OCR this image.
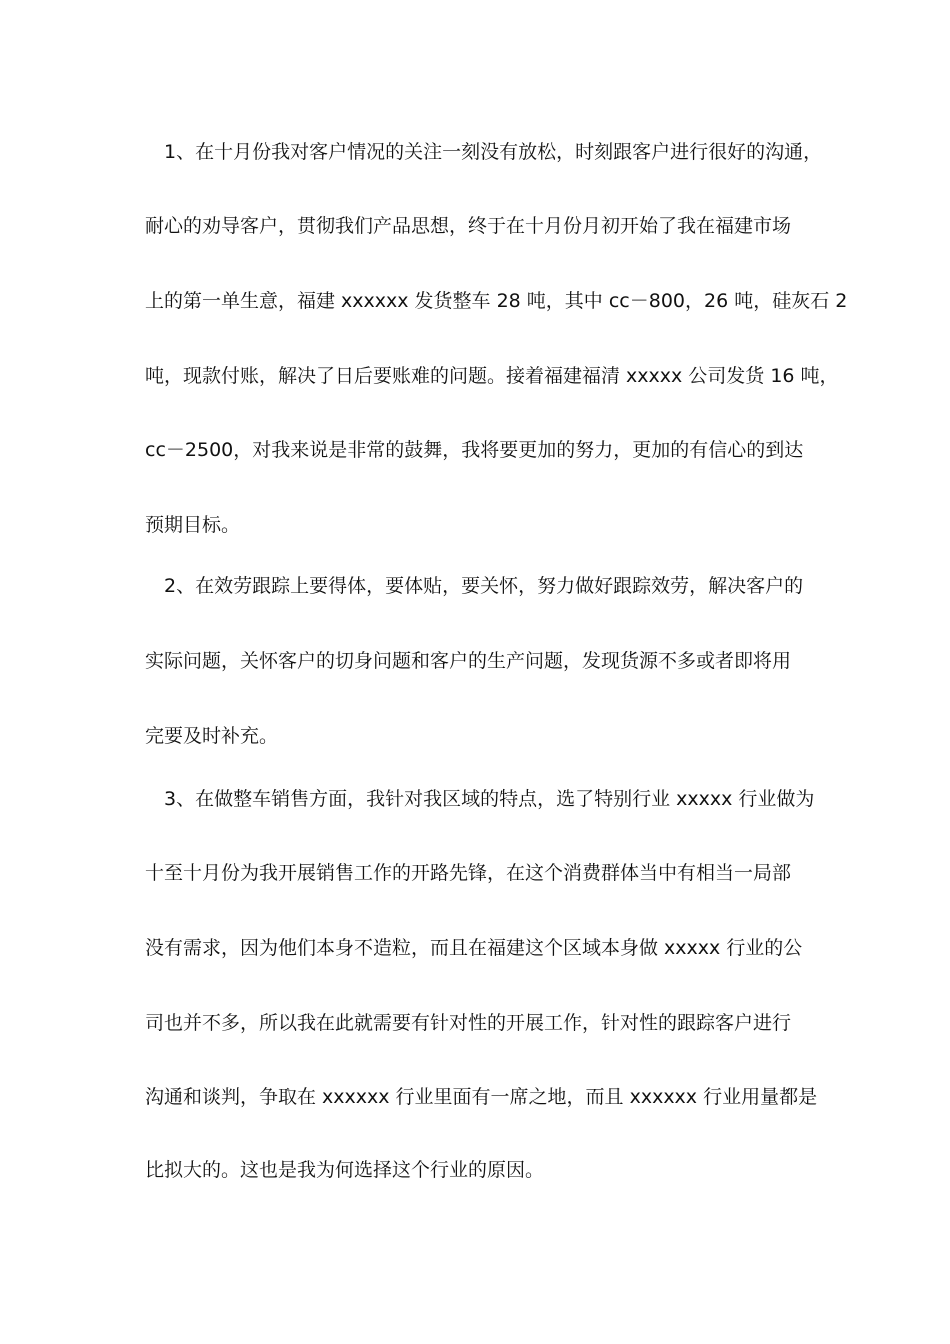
1、在十月份我对客户情况的关注一刻没有放松，时刻跟客户进行很好的沟通，
耐心的劝导客户，贯彻我们产品思想，终于在十月份月初开始了我在福建市场
上的第一单生意，福建 xxxxxx 发货整车 28 吨，其中 cc－800，26 吨，硅灰石 2
吨，现款付账，解决了日后要账难的问题。接着福建福清 xxxxx 公司发货 16 吨，
cc－2500，对我来说是非常的鼓舞，我将要更加的努力，更加的有信心的到达
预期目标。
2、在效劳跟踪上要得体，要体贴，要关怀，努力做好跟踪效劳，解决客户的
实际问题，关怀客户的切身问题和客户的生产问题，发现货源不多或者即将用
完要及时补充。
3、在做整车销售方面，我针对我区域的特点，选了特别行业 xxxxx 行业做为
十至十月份为我开展销售工作的开路先锋，在这个消费群体当中有相当一局部
没有需求，因为他们本身不造粒，而且在福建这个区域本身做 xxxxx 行业的公
司也并不多，所以我在此就需要有针对性的开展工作，针对性的跟踪客户进行
沟通和谈判，争取在 xxxxxx 行业里面有一席之地，而且 xxxxxx 行业用量都是
比拟大的。这也是我为何选择这个行业的原因。
